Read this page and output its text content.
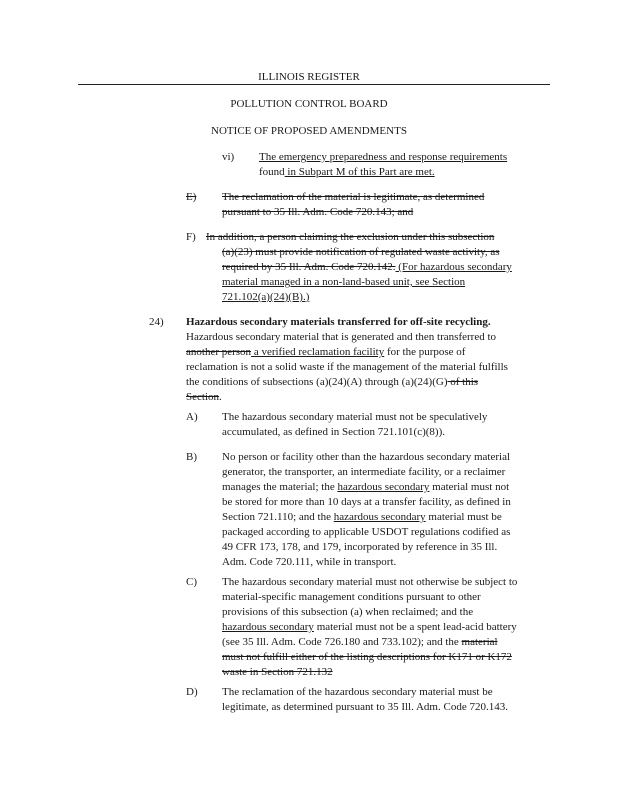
ILLINOIS REGISTER
POLLUTION CONTROL BOARD
NOTICE OF PROPOSED AMENDMENTS
vi) The emergency preparedness and response requirements
found in Subpart M of this Part are met.
E) The reclamation of the material is legitimate, as determined
pursuant to 35 Ill. Adm. Code 720.143; and
F) In addition, a person claiming the exclusion under this subsection
(a)(23) must provide notification of regulated waste activity, as
required by 35 Ill. Adm. Code 720.142. (For hazardous secondary
material managed in a non-land-based unit, see Section
721.102(a)(24)(B).)
24) Hazardous secondary materials transferred for off-site recycling.
Hazardous secondary material that is generated and then transferred to
another person a verified reclamation facility for the purpose of
reclamation is not a solid waste if the management of the material fulfills
the conditions of subsections (a)(24)(A) through (a)(24)(G) of this
Section.
A) The hazardous secondary material must not be speculatively
accumulated, as defined in Section 721.101(c)(8)).
B) No person or facility other than the hazardous secondary material
generator, the transporter, an intermediate facility, or a reclaimer
manages the material; the hazardous secondary material must not
be stored for more than 10 days at a transfer facility, as defined in
Section 721.110; and the hazardous secondary material must be
packaged according to applicable USDOT regulations codified as
49 CFR 173, 178, and 179, incorporated by reference in 35 Ill.
Adm. Code 720.111, while in transport.
C) The hazardous secondary material must not otherwise be subject to
material-specific management conditions pursuant to other
provisions of this subsection (a) when reclaimed; and the
hazardous secondary material must not be a spent lead-acid battery
(see 35 Ill. Adm. Code 726.180 and 733.102); and the material
must not fulfill either of the listing descriptions for K171 or K172
waste in Section 721.132
D) The reclamation of the hazardous secondary material must be
legitimate, as determined pursuant to 35 Ill. Adm. Code 720.143.
